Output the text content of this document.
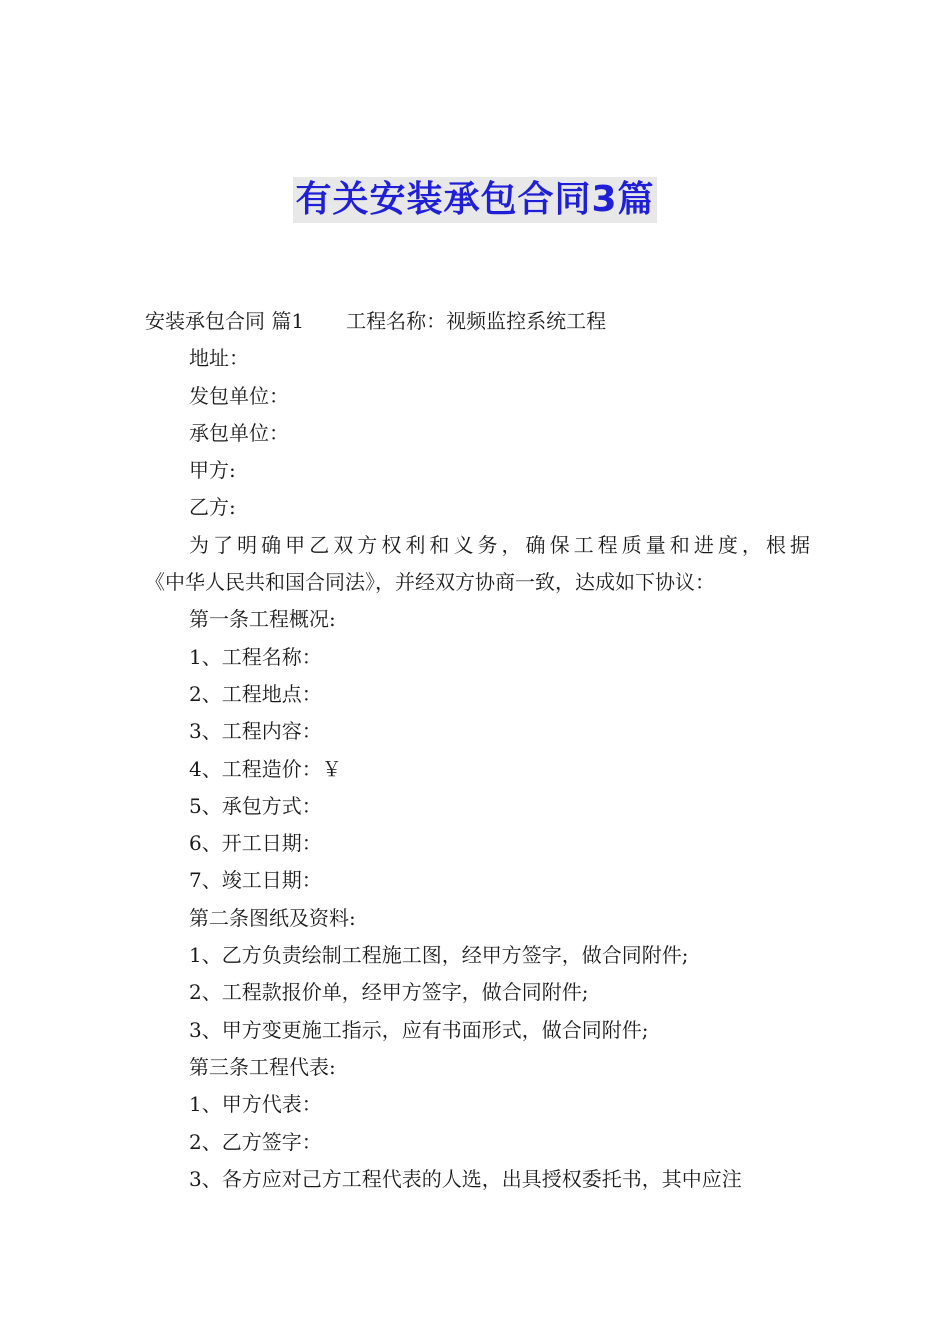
有关安装承包合同3篇

安装承包合同 篇1 工程名称：视频监控系统工程

地址：

发包单位：

承包单位：

甲方:

乙方:

为了明确甲乙双方权利和义务，确保工程质量和进度，根据

《中华人民共和国合同法》，并经双方协商一致，达成如下协议：

第一条工程概况:

1、工程名称：

2、工程地点：

3、工程内容：

4、工程造价：￥

5、承包方式：

6、开工日期：

7、竣工日期：

第二条图纸及资料:

1、乙方负责绘制工程施工图，经甲方签字，做合同附件;

2、工程款报价单，经甲方签字，做合同附件;

3、甲方变更施工指示，应有书面形式，做合同附件;

第三条工程代表:

1、甲方代表：

2、乙方签字：

3、各方应对己方工程代表的人选，出具授权委托书，其中应注
